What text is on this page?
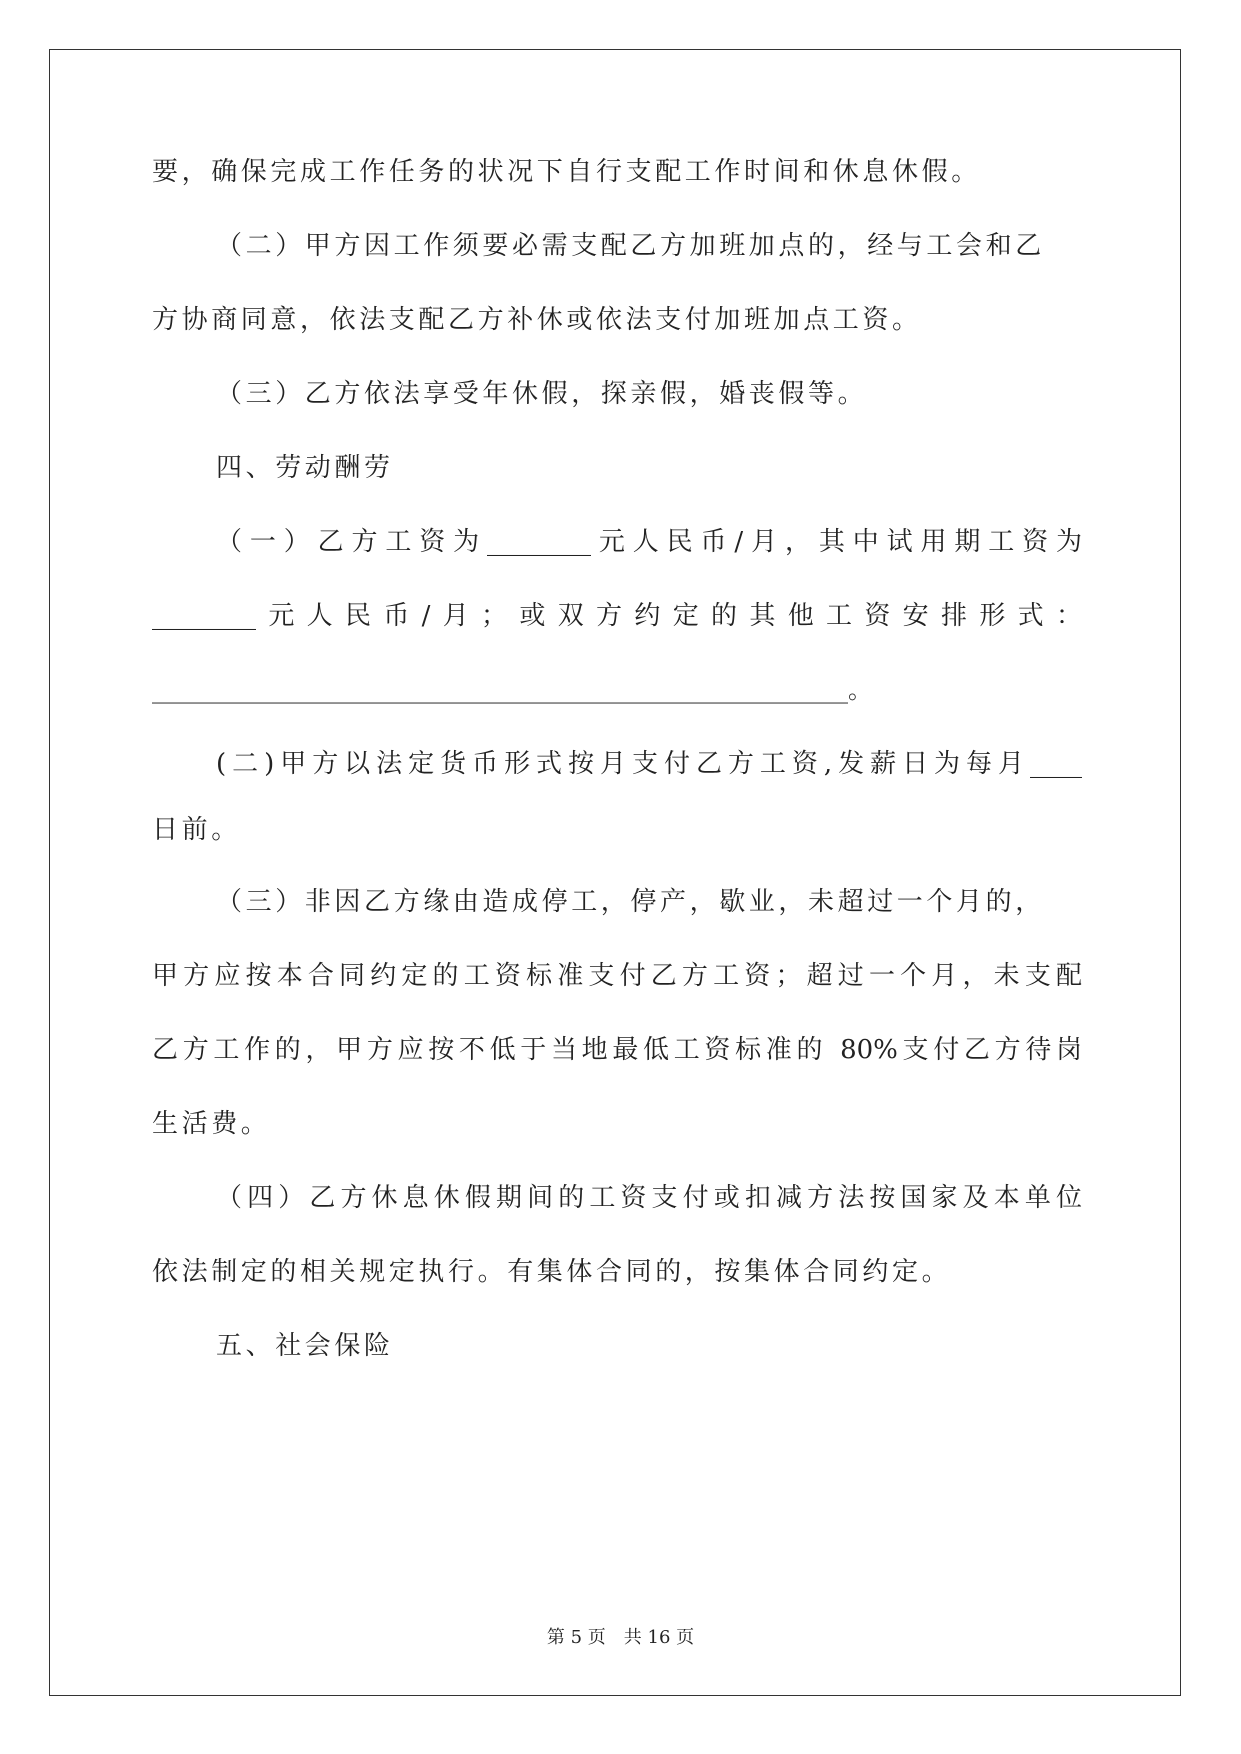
要，确保完成工作任务的状况下自行支配工作时间和休息休假。
（二）甲方因工作须要必需支配乙方加班加点的，经与工会和乙
方协商同意，依法支配乙方补休或依法支付加班加点工资。
（三）乙方依法享受年休假，探亲假，婚丧假等。
四、劳动酬劳
（一）乙方工资为________元人民币/月，其中试用期工资为
________元人民币/月；或双方约定的其他工资安排形式：
__________________________________________________________。
(二)甲方以法定货币形式按月支付乙方工资,发薪日为每月____
日前。
（三）非因乙方缘由造成停工，停产，歇业，未超过一个月的，
甲方应按本合同约定的工资标准支付乙方工资；超过一个月，未支配
乙方工作的，甲方应按不低于当地最低工资标准的 80%支付乙方待岗
生活费。
（四）乙方休息休假期间的工资支付或扣减方法按国家及本单位
依法制定的相关规定执行。有集体合同的，按集体合同约定。
五、社会保险
第 5 页　共 16 页
